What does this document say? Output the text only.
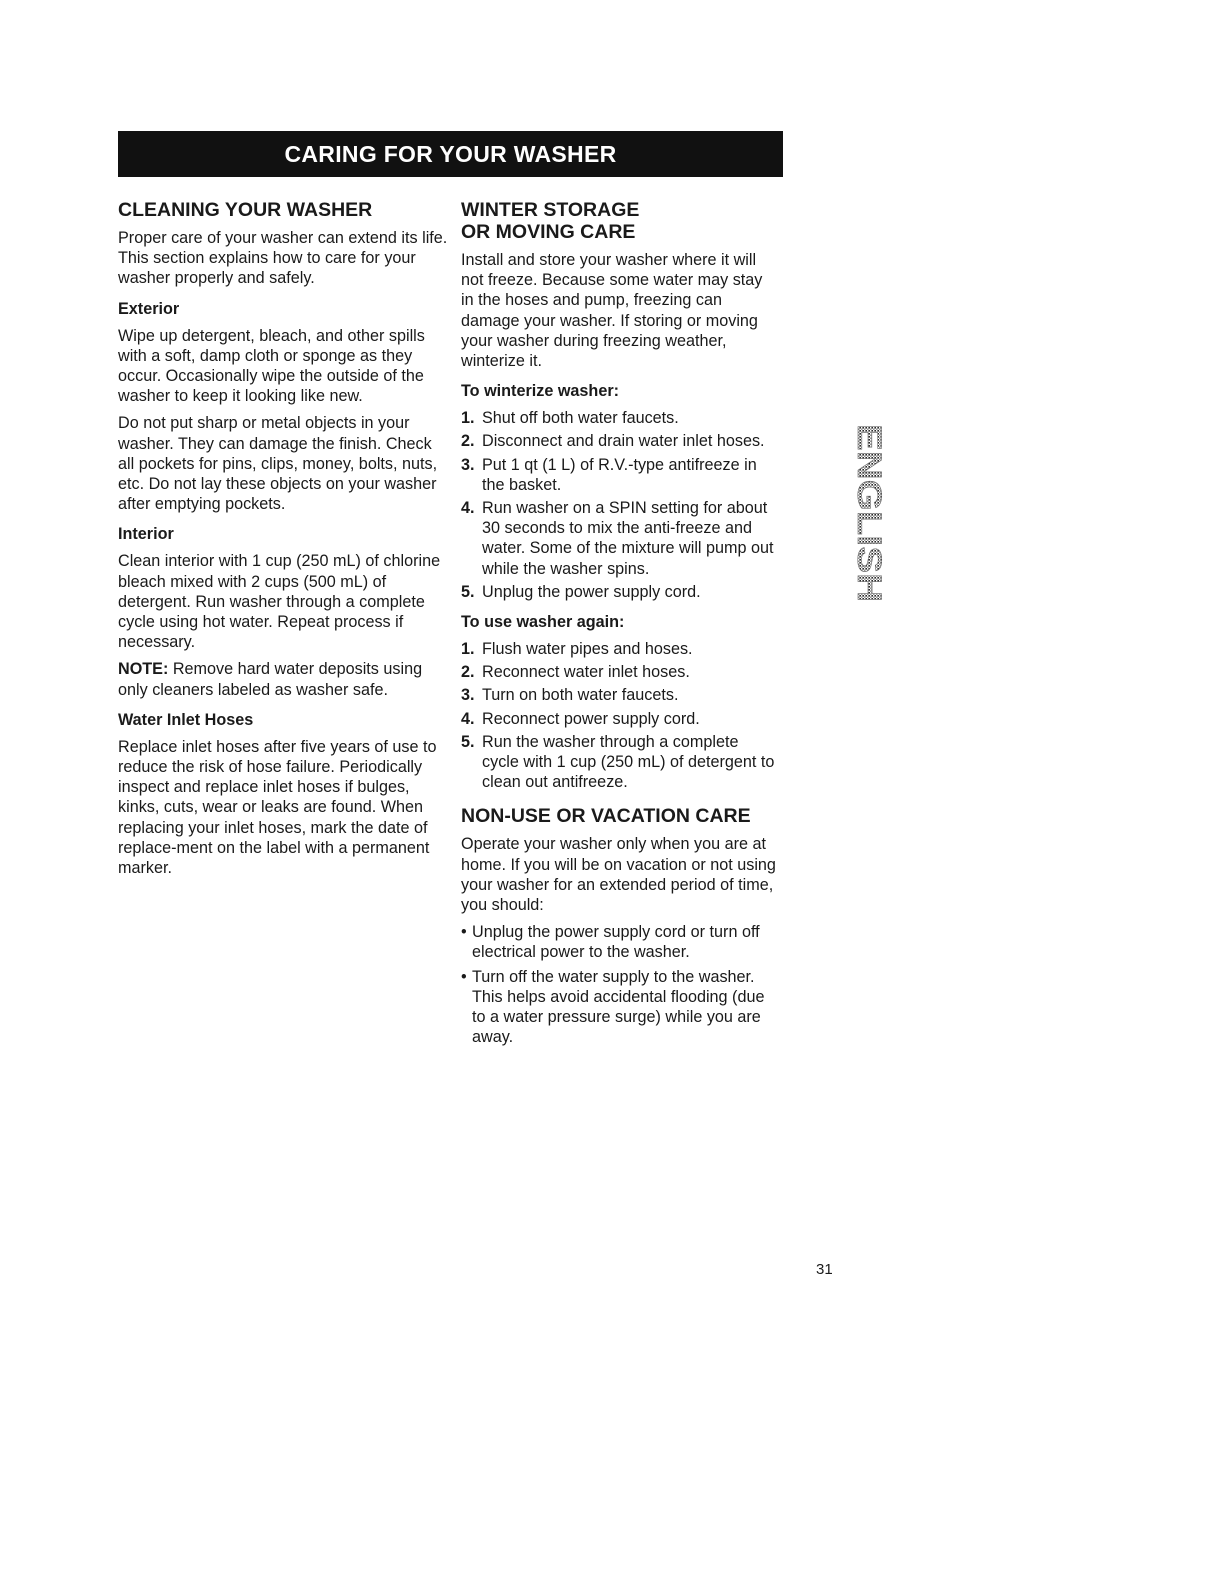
CARING FOR YOUR WASHER
CLEANING YOUR WASHER

Proper care of your washer can extend its life. This section explains how to care for your washer properly and safely.

Exterior

Wipe up detergent, bleach, and other spills with a soft, damp cloth or sponge as they occur. Occasionally wipe the outside of the washer to keep it looking like new.

Do not put sharp or metal objects in your washer. They can damage the finish. Check all pockets for pins, clips, money, bolts, nuts, etc. Do not lay these objects on your washer after emptying pockets.

Interior

Clean interior with 1 cup (250 mL) of chlorine bleach mixed with 2 cups (500 mL) of detergent. Run washer through a complete cycle using hot water. Repeat process if necessary.

NOTE: Remove hard water deposits using only cleaners labeled as washer safe.

Water Inlet Hoses

Replace inlet hoses after five years of use to reduce the risk of hose failure. Periodically inspect and replace inlet hoses if bulges, kinks, cuts, wear or leaks are found. When replacing your inlet hoses, mark the date of replace-ment on the label with a permanent marker.

WINTER STORAGE
OR MOVING CARE

Install and store your washer where it will not freeze. Because some water may stay in the hoses and pump, freezing can damage your washer. If storing or moving your washer during freezing weather, winterize it.

To winterize washer:
1. Shut off both water faucets.
2. Disconnect and drain water inlet hoses.
3. Put 1 qt (1 L) of R.V.-type antifreeze in the basket.
4. Run washer on a SPIN setting for about 30 seconds to mix the anti-freeze and water. Some of the mixture will pump out while the washer spins.
5. Unplug the power supply cord.
To use washer again:
1. Flush water pipes and hoses.
2. Reconnect water inlet hoses.
3. Turn on both water faucets.
4. Reconnect power supply cord.
5. Run the washer through a complete cycle with 1 cup (250 mL) of detergent to clean out antifreeze.
NON-USE OR VACATION CARE

Operate your washer only when you are at home. If you will be on vacation or not using your washer for an extended period of time, you should:

• Unplug the power supply cord or turn off electrical power to the washer.
• Turn off the water supply to the washer. This helps avoid accidental flooding (due to a water pressure surge) while you are away.
ENGLISH
31
